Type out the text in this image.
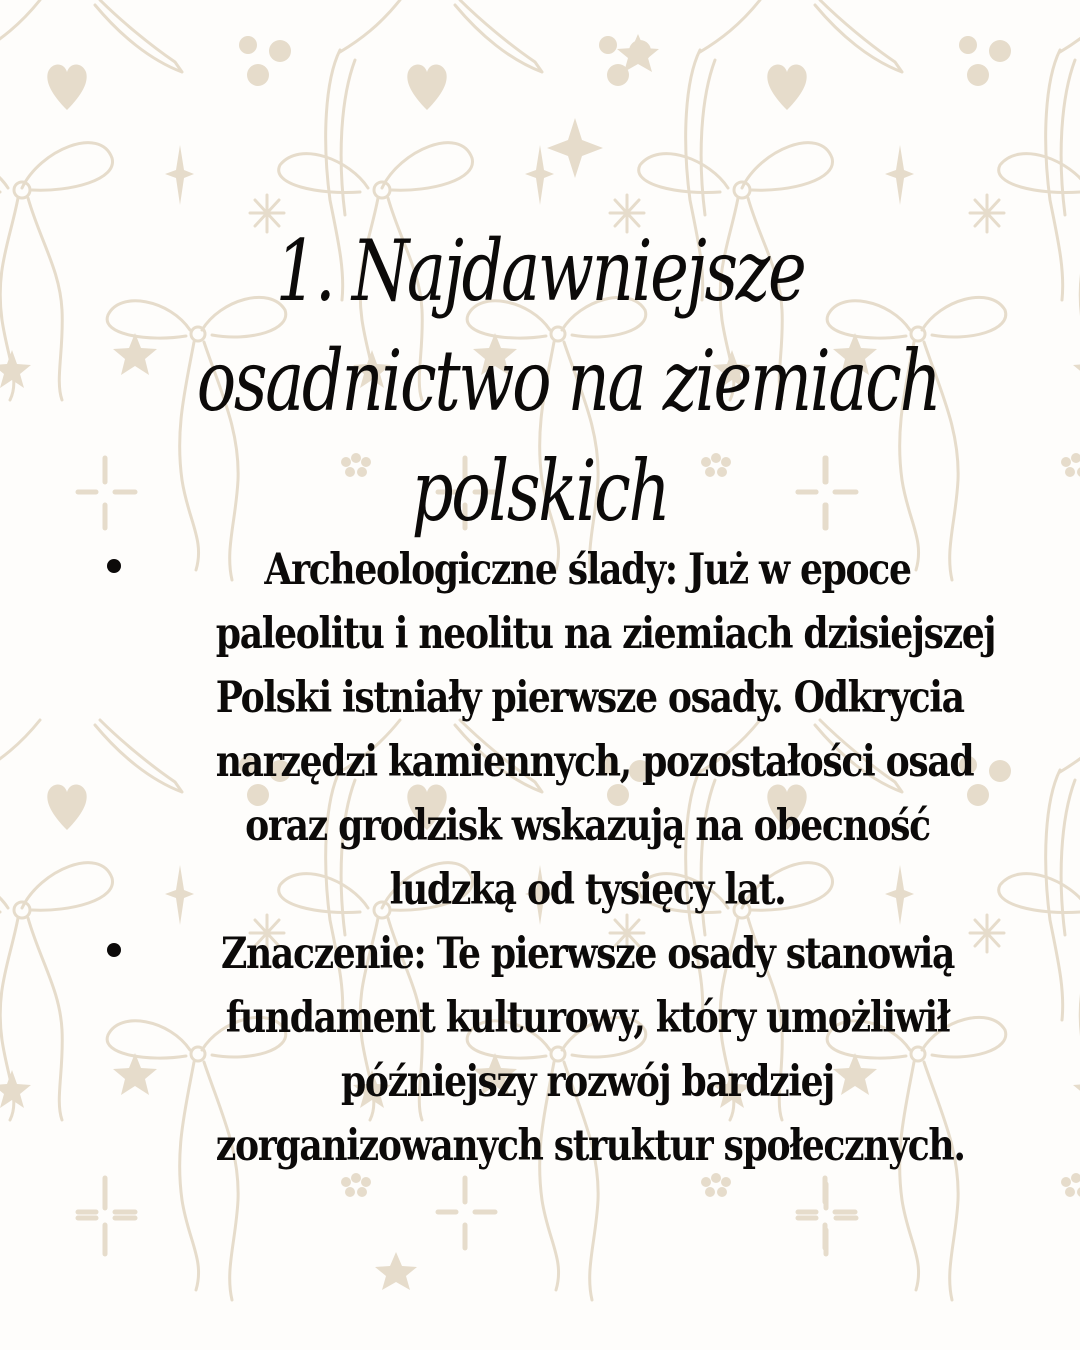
1. Najdawniejsze
osadnictwo na ziemiach
polskich
Archeologiczne ślady: Już w epoce
paleolitu i neolitu na ziemiach dzisiejszej
Polski istniały pierwsze osady. Odkrycia
narzędzi kamiennych, pozostałości osad
oraz grodzisk wskazują na obecność
ludzką od tysięcy lat.
Znaczenie: Te pierwsze osady stanowią
fundament kulturowy, który umożliwił
późniejszy rozwój bardziej
zorganizowanych struktur społecznych.
